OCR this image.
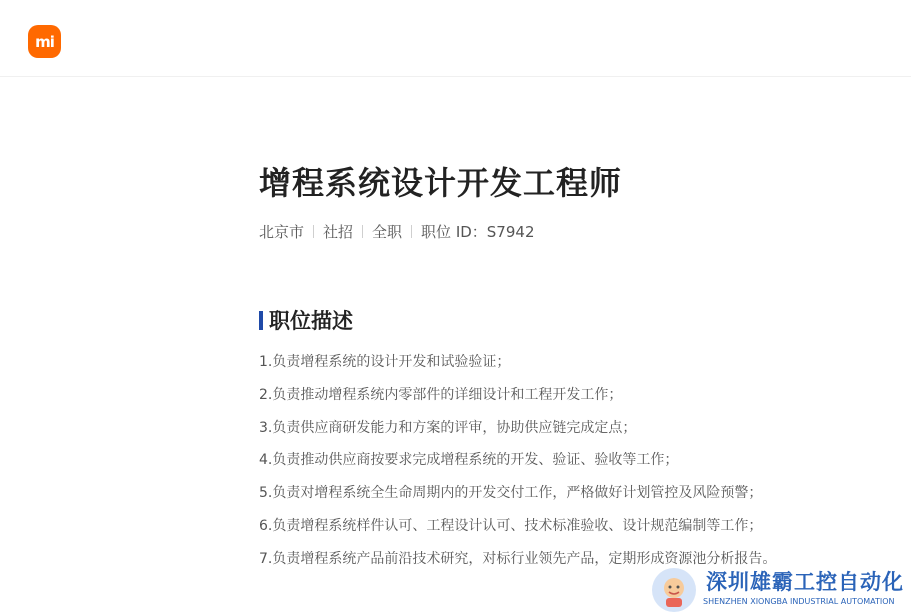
mi
增程系统设计开发工程师
北京市 社招 全职 职位 ID：S7942
职位描述
1.负责增程系统的设计开发和试验验证；
2.负责推动增程系统内零部件的详细设计和工程开发工作；
3.负责供应商研发能力和方案的评审，协助供应链完成定点；
4.负责推动供应商按要求完成增程系统的开发、验证、验收等工作；
5.负责对增程系统全生命周期内的开发交付工作，严格做好计划管控及风险预警；
6.负责增程系统样件认可、工程设计认可、技术标准验收、设计规范编制等工作；
7.负责增程系统产品前沿技术研究，对标行业领先产品，定期形成资源池分析报告。
深圳雄霸工控自动化
SHENZHEN XIONGBA INDUSTRIAL AUTOMATION
